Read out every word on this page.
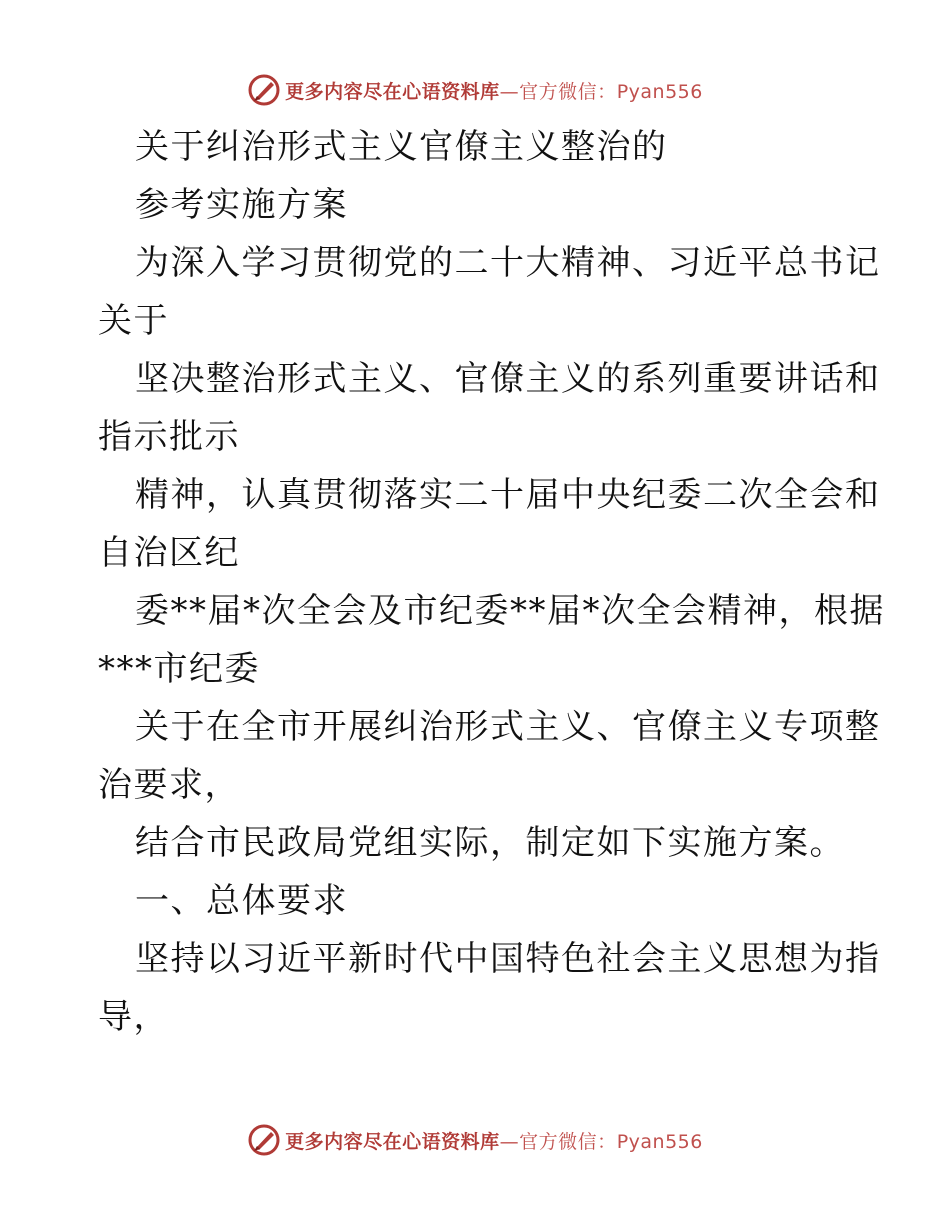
更多内容尽在心语资料库—官方微信：Pyan556
关于纠治形式主义官僚主义整治的
参考实施方案
为深入学习贯彻党的二十大精神、习近平总书记
关于
坚决整治形式主义、官僚主义的系列重要讲话和
指示批示
精神，认真贯彻落实二十届中央纪委二次全会和
自治区纪
委**届*次全会及市纪委**届*次全会精神，根据
***市纪委
关于在全市开展纠治形式主义、官僚主义专项整
治要求，
结合市民政局党组实际，制定如下实施方案。
一、总体要求
坚持以习近平新时代中国特色社会主义思想为指
导，
更多内容尽在心语资料库—官方微信：Pyan556
